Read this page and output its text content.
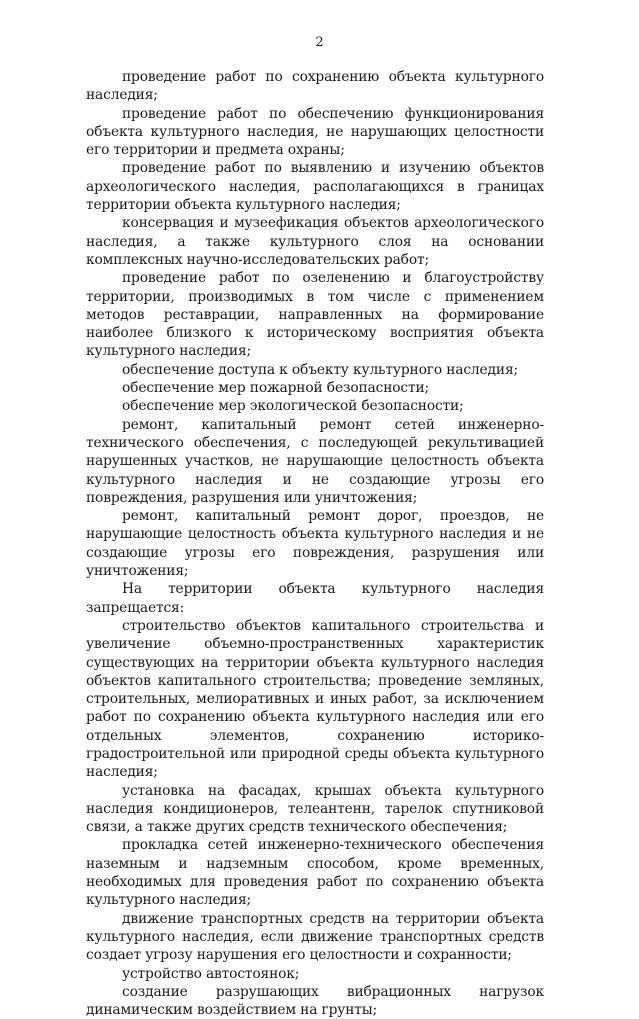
2

проведение работ по сохранению объекта культурного наследия;

проведение работ по обеспечению функционирования объекта культурного наследия, не нарушающих целостности его территории и предмета охраны;

проведение работ по выявлению и изучению объектов археологического наследия, располагающихся в границах территории объекта культурного наследия;

консервация и музеефикация объектов археологического наследия, а также культурного слоя на основании комплексных научно-исследовательских работ;

проведение работ по озеленению и благоустройству территории, производимых в том числе с применением методов реставрации, направленных на формирование наиболее близкого к историческому восприятия объекта культурного наследия;

обеспечение доступа к объекту культурного наследия;

обеспечение мер пожарной безопасности;

обеспечение мер экологической безопасности;

ремонт, капитальный ремонт сетей инженерно-технического обеспечения, с последующей рекультивацией нарушенных участков, не нарушающие целостность объекта культурного наследия и не создающие угрозы его повреждения, разрушения или уничтожения;

ремонт, капитальный ремонт дорог, проездов, не нарушающие целостность объекта культурного наследия и не создающие угрозы его повреждения, разрушения или уничтожения;

На территории объекта культурного наследия запрещается:

строительство объектов капитального строительства и увеличение объемно-пространственных характеристик существующих на территории объекта культурного наследия объектов капитального строительства; проведение земляных, строительных, мелиоративных и иных работ, за исключением работ по сохранению объекта культурного наследия или его отдельных элементов, сохранению историко-градостроительной или природной среды объекта культурного наследия;

установка на фасадах, крышах объекта культурного наследия кондиционеров, телеантенн, тарелок спутниковой связи, а также других средств технического обеспечения;

прокладка сетей инженерно-технического обеспечения наземным и надземным способом, кроме временных, необходимых для проведения работ по сохранению объекта культурного наследия;

движение транспортных средств на территории объекта культурного наследия, если движение транспортных средств создает угрозу нарушения его целостности и сохранности;

устройство автостоянок;

создание разрушающих вибрационных нагрузок динамическим воздействием на грунты;
